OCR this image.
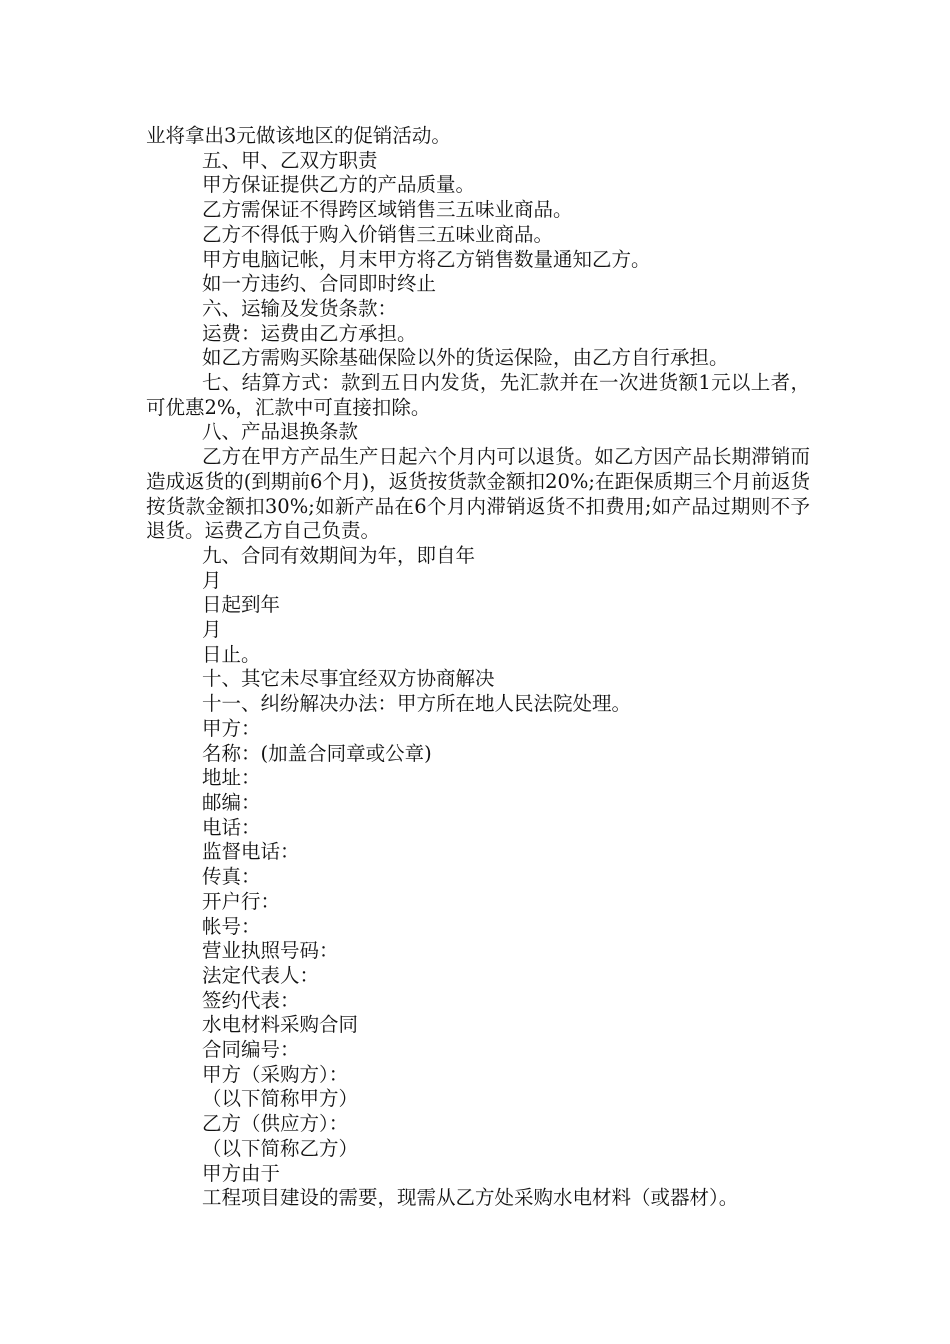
业将拿出3元做该地区的促销活动。
五、甲、乙双方职责
甲方保证提供乙方的产品质量。
乙方需保证不得跨区域销售三五味业商品。
乙方不得低于购入价销售三五味业商品。
甲方电脑记帐，月末甲方将乙方销售数量通知乙方。
如一方违约、合同即时终止
六、运输及发货条款：
运费：运费由乙方承担。
如乙方需购买除基础保险以外的货运保险，由乙方自行承担。
七、结算方式：款到五日内发货，先汇款并在一次进货额1元以上者，可优惠2%，汇款中可直接扣除。
八、产品退换条款
乙方在甲方产品生产日起六个月内可以退货。如乙方因产品长期滞销而造成返货的(到期前6个月)，返货按货款金额扣20%;在距保质期三个月前返货按货款金额扣30%;如新产品在6个月内滞销返货不扣费用;如产品过期则不予退货。运费乙方自己负责。
九、合同有效期间为年，即自年
月
日起到年
月
日止。
十、其它未尽事宜经双方协商解决
十一、纠纷解决办法：甲方所在地人民法院处理。
甲方：
名称：(加盖合同章或公章)
地址：
邮编：
电话：
监督电话：
传真：
开户行：
帐号：
营业执照号码：
法定代表人：
签约代表：
水电材料采购合同
合同编号：
甲方（采购方）：
（以下简称甲方）
乙方（供应方）：
（以下简称乙方）
甲方由于
工程项目建设的需要，现需从乙方处采购水电材料（或器材）。
